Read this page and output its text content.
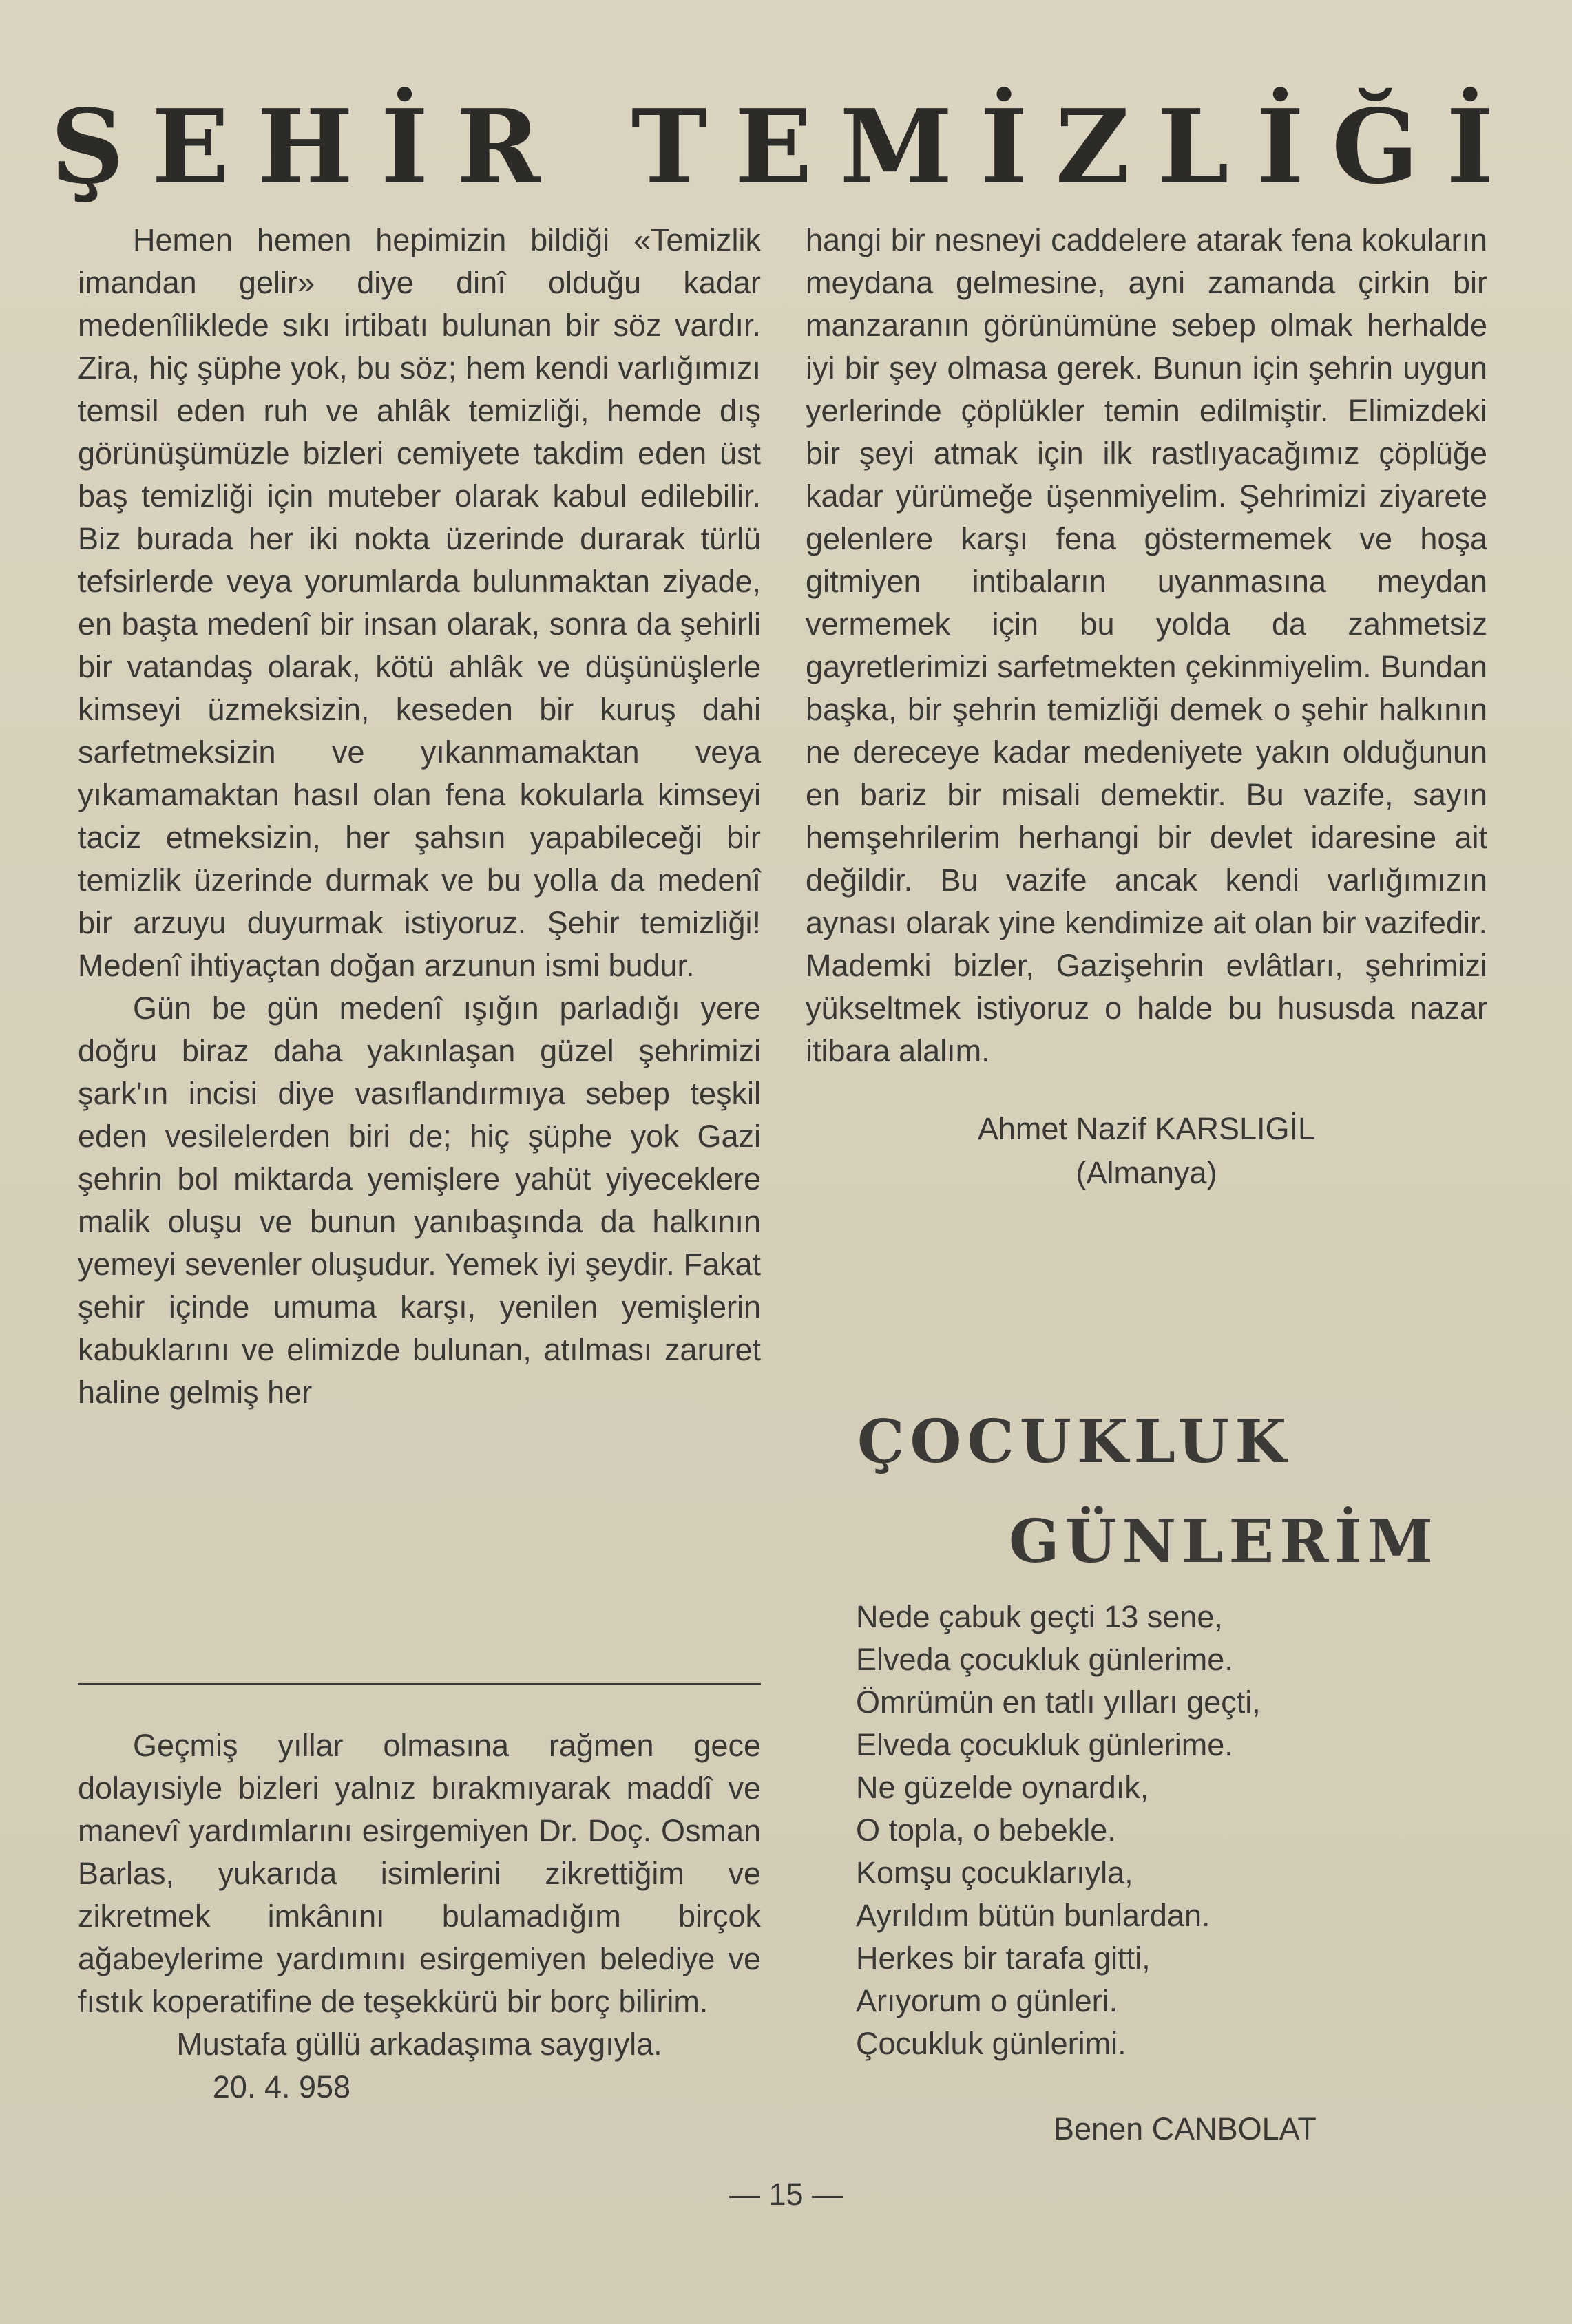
ŞEHİR TEMİZLİĞİ

Hemen hemen hepimizin bildiği «Temizlik imandan gelir» diye dinî olduğu kadar medenîliklede sıkı irtibatı bulunan bir söz vardır. Zira, hiç şüphe yok, bu söz; hem kendi varlığımızı temsil eden ruh ve ahlâk temizliği, hemde dış görünüşümüzle bizleri cemiyete takdim eden üst baş temizliği için muteber olarak kabul edilebilir. Biz burada her iki nokta üzerinde durarak türlü tefsirlerde veya yorumlarda bulunmaktan ziyade, en başta medenî bir insan olarak, sonra da şehirli bir vatandaş olarak, kötü ahlâk ve düşünüşlerle kimseyi üzmeksizin, keseden bir kuruş dahi sarfetmeksizin ve yıkanmamaktan veya yıkamamaktan hasıl olan fena kokularla kimseyi taciz etmeksizin, her şahsın yapabileceği bir temizlik üzerinde durmak ve bu yolla da medenî bir arzuyu duyurmak istiyoruz. Şehir temizliği! Medenî ihtiyaçtan doğan arzunun ismi budur.

Gün be gün medenî ışığın parladığı yere doğru biraz daha yakınlaşan güzel şehrimizi şark'ın incisi diye vasıflandırmıya sebep teşkil eden vesilelerden biri de; hiç şüphe yok Gazi şehrin bol miktarda yemişlere yahüt yiyeceklere malik oluşu ve bunun yanıbaşında da halkının yemeyi sevenler oluşudur. Yemek iyi şeydir. Fakat şehir içinde umuma karşı, yenilen yemişlerin kabuklarını ve elimizde bulunan, atılması zaruret haline gelmiş her

hangi bir nesneyi caddelere atarak fena kokuların meydana gelmesine, ayni zamanda çirkin bir manzaranın görünümüne sebep olmak herhalde iyi bir şey olmasa gerek. Bunun için şehrin uygun yerlerinde çöplükler temin edilmiştir. Elimizdeki bir şeyi atmak için ilk rastlıyacağımız çöplüğe kadar yürümeğe üşenmiyelim. Şehrimizi ziyarete gelenlere karşı fena göstermemek ve hoşa gitmiyen intibaların uyanmasına meydan vermemek için bu yolda da zahmetsiz gayretlerimizi sarfetmekten çekinmiyelim. Bundan başka, bir şehrin temizliği demek o şehir halkının ne dereceye kadar medeniyete yakın olduğunun en bariz bir misali demektir. Bu vazife, sayın hemşehrilerim herhangi bir devlet idaresine ait değildir. Bu vazife ancak kendi varlığımızın aynası olarak yine kendimize ait olan bir vazifedir. Mademki bizler, Gazişehrin evlâtları, şehrimizi yükseltmek istiyoruz o halde bu hususda nazar itibara alalım.

Ahmet Nazif KARSLIGİL
(Almanya)
ÇOCUKLUK
GÜNLERİM
Nede çabuk geçti 13 sene,
Elveda çocukluk günlerime.
Ömrümün en tatlı yılları geçti,
Elveda çocukluk günlerime.
Ne güzelde oynardık,
O topla, o bebekle.
Komşu çocuklarıyla,
Ayrıldım bütün bunlardan.
Herkes bir tarafa gitti,
Arıyorum o günleri.
Çocukluk günlerimi.
Benen CANBOLAT

Geçmiş yıllar olmasına rağmen gece dolayısiyle bizleri yalnız bırakmıyarak maddî ve manevî yardımlarını esirgemiyen Dr. Doç. Osman Barlas, yukarıda isimlerini zikrettiğim ve zikretmek imkânını bulamadığım birçok ağabeylerime yardımını esirgemiyen belediye ve fıstık koperatifine de teşekkürü bir borç bilirim.

Mustafa güllü arkadaşıma saygıyla.

20. 4. 958

— 15 —
